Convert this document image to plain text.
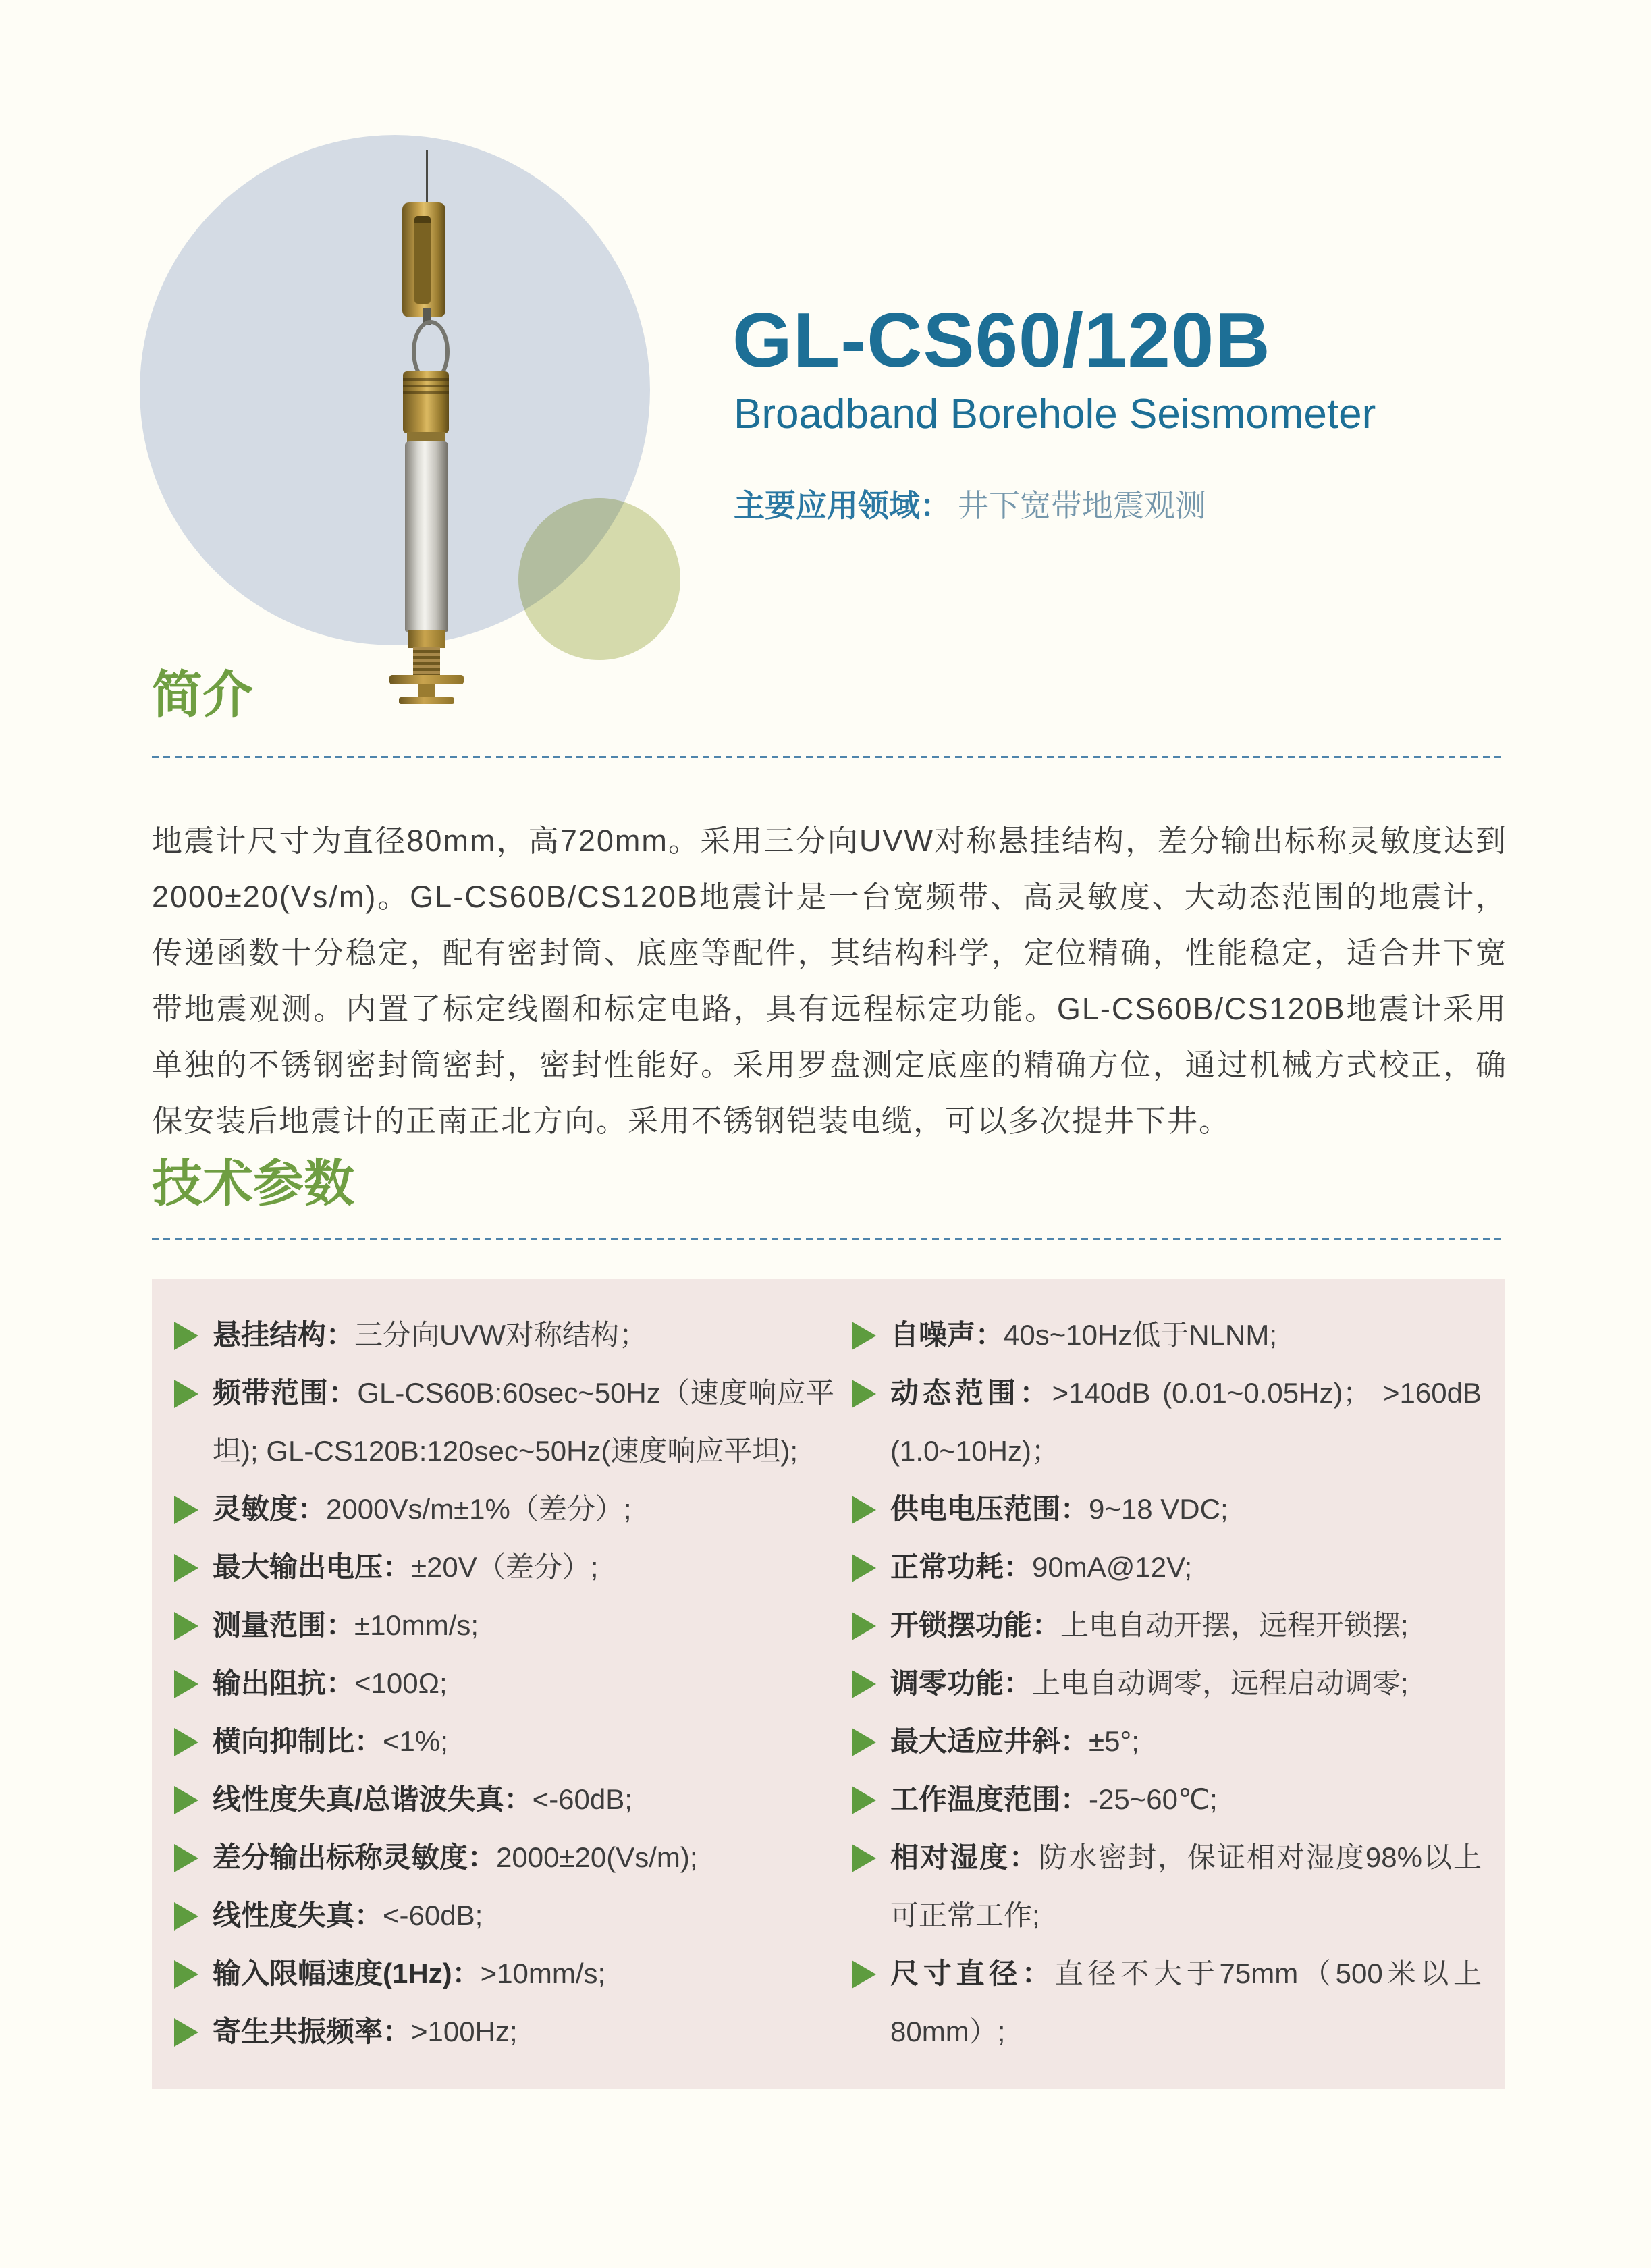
GL-CS60/120B
Broadband Borehole Seismometer
主要应用领域： 井下宽带地震观测
简介

地震计尺寸为直径80mm，高720mm。采用三分向UVW对称悬挂结构，差分输出标称灵敏度达到2000±20(Vs/m)。GL-CS60B/CS120B地震计是一台宽频带、高灵敏度、大动态范围的地震计，传递函数十分稳定，配有密封筒、底座等配件，其结构科学，定位精确，性能稳定，适合井下宽带地震观测。内置了标定线圈和标定电路，具有远程标定功能。GL-CS60B/CS120B地震计采用单独的不锈钢密封筒密封，密封性能好。采用罗盘测定底座的精确方位，通过机械方式校正，确保安装后地震计的正南正北方向。采用不锈钢铠装电缆，可以多次提井下井。

技术参数
悬挂结构：三分向UVW对称结构；
频带范围：GL-CS60B:60sec~50Hz（速度响应平坦); GL-CS120B:120sec~50Hz(速度响应平坦);
灵敏度：2000Vs/m±1%（差分）;
最大输出电压：±20V（差分）;
测量范围：±10mm/s;
输出阻抗：<100Ω;
横向抑制比：<1%;
线性度失真/总谐波失真：<-60dB;
差分输出标称灵敏度：2000±20(Vs/m);
线性度失真：<-60dB;
输入限幅速度(1Hz)：>10mm/s;
寄生共振频率：>100Hz;
自噪声：40s~10Hz低于NLNM;
动态范围：>140dB (0.01~0.05Hz)； >160dB (1.0~10Hz)；
供电电压范围：9~18 VDC;
正常功耗：90mA@12V;
开锁摆功能：上电自动开摆，远程开锁摆;
调零功能：上电自动调零，远程启动调零;
最大适应井斜：±5°;
工作温度范围：-25~60℃;
相对湿度：防水密封，保证相对湿度98%以上可正常工作;
尺寸直径：直径不大于75mm（500米以上80mm）;
